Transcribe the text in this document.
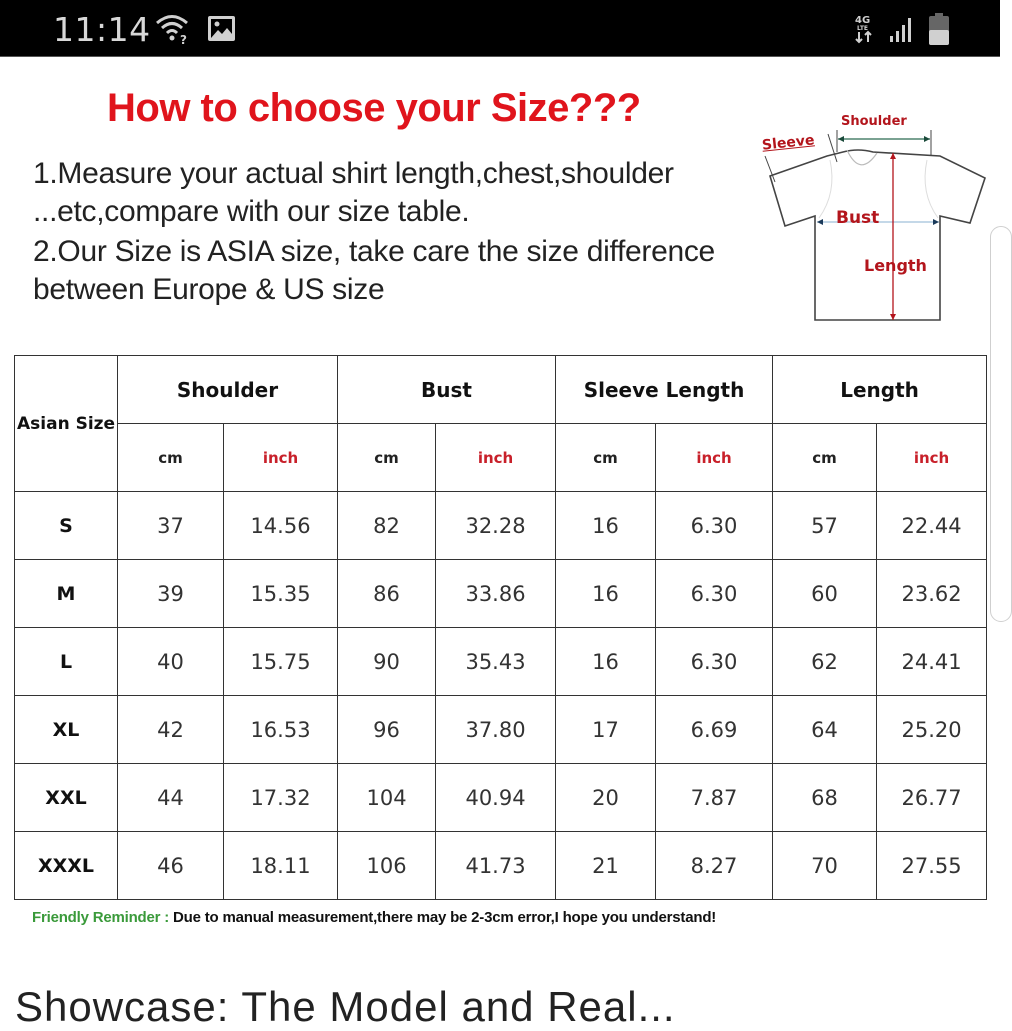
11:14 ?
4G
LTE
How to choose your Size???
1.Measure your actual shirt length,chest,shoulder
...etc,compare with our size table.
2.Our Size is ASIA size, take care the size difference
between Europe & US size
Shoulder
Sleeve
Bust
Length
Asian Size	Shoulder		Bust		Sleeve Length		Length	
	cm	inch	cm	inch	cm	inch	cm	inch
S	37	14.56	82	32.28	16	6.30	57	22.44
M	39	15.35	86	33.86	16	6.30	60	23.62
L	40	15.75	90	35.43	16	6.30	62	24.41
XL	42	16.53	96	37.80	17	6.69	64	25.20
XXL	44	17.32	104	40.94	20	7.87	68	26.77
XXXL	46	18.11	106	41.73	21	8.27	70	27.55
Friendly Reminder : Due to manual measurement,there may be 2-3cm error,I hope you understand!
Showcase: The Model and Real...
